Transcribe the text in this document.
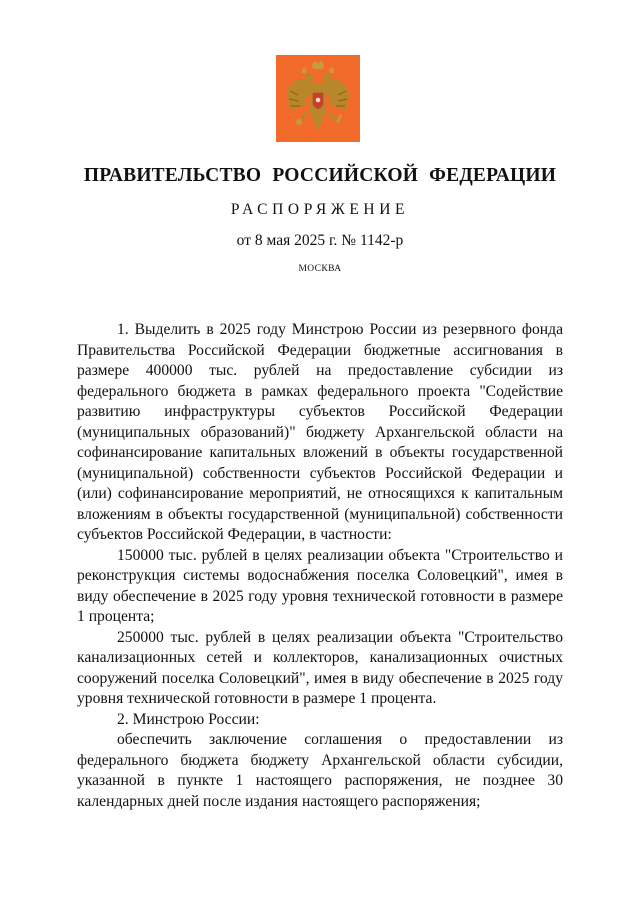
ПРАВИТЕЛЬСТВО РОССИЙСКОЙ ФЕДЕРАЦИИ
РАСПОРЯЖЕНИЕ
от 8 мая 2025 г. № 1142-р
МОСКВА

1. Выделить в 2025 году Минстрою России из резервного фонда Правительства Российской Федерации бюджетные ассигнования в размере 400000 тыс. рублей на предоставление субсидии из федерального бюджета в рамках федерального проекта "Содействие развитию инфраструктуры субъектов Российской Федерации (муниципальных образований)" бюджету Архангельской области на софинансирование капитальных вложений в объекты государственной (муниципальной) собственности субъектов Российской Федерации и (или) софинансирование мероприятий, не относящихся к капитальным вложениям в объекты государственной (муниципальной) собственности субъектов Российской Федерации, в частности:

150000 тыс. рублей в целях реализации объекта "Строительство и реконструкция системы водоснабжения поселка Соловецкий", имея в виду обеспечение в 2025 году уровня технической готовности в размере 1 процента;

250000 тыс. рублей в целях реализации объекта "Строительство канализационных сетей и коллекторов, канализационных очистных сооружений поселка Соловецкий", имея в виду обеспечение в 2025 году уровня технической готовности в размере 1 процента.

2. Минстрою России:

обеспечить заключение соглашения о предоставлении из федерального бюджета бюджету Архангельской области субсидии, указанной в пункте 1 настоящего распоряжения, не позднее 30 календарных дней после издания настоящего распоряжения;
